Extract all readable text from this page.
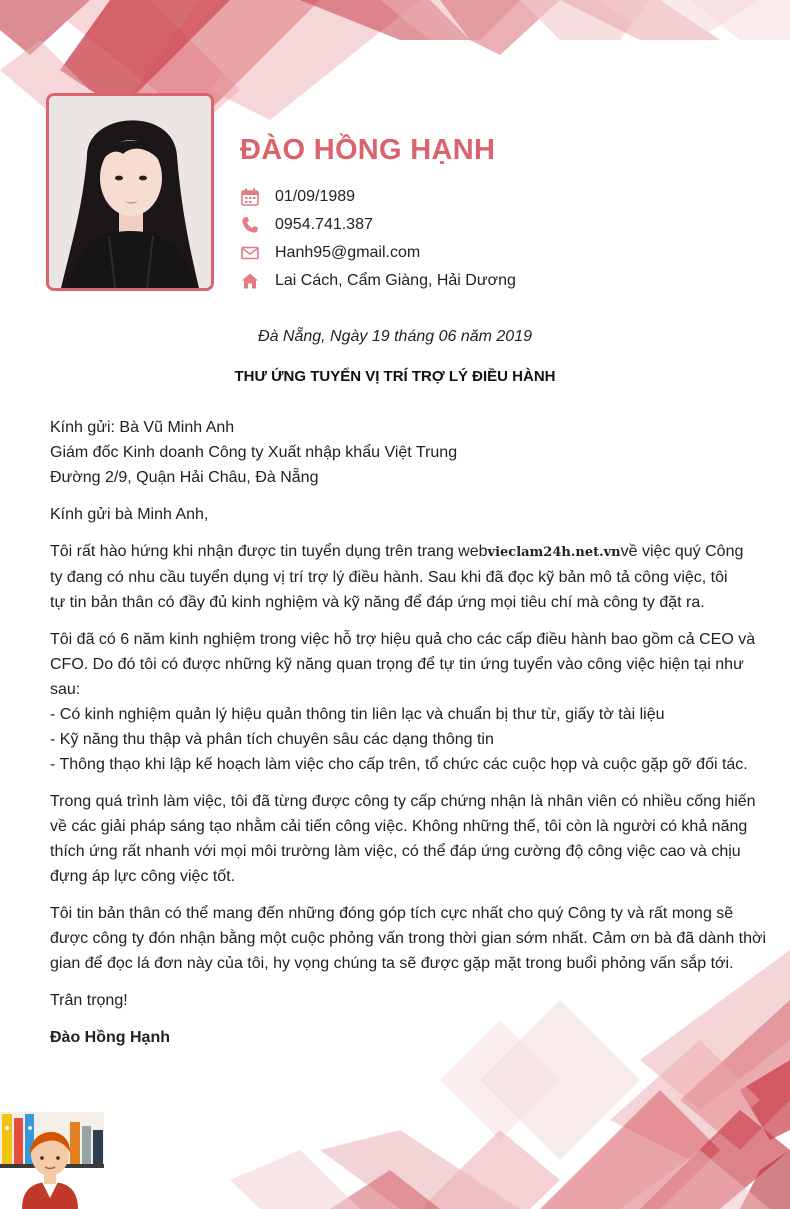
ĐÀO HỒNG HẠNH
01/09/1989
0954.741.387
Hanh95@gmail.com
Lai Cách, Cẩm Giàng, Hải Dương
Đà Nẵng, Ngày 19 tháng 06 năm 2019
THƯ ỨNG TUYỂN VỊ TRÍ TRỢ LÝ ĐIỀU HÀNH

Kính gửi: Bà Vũ Minh Anh
Giám đốc Kinh doanh Công ty Xuất nhập khẩu Việt Trung
Đường 2/9, Quận Hải Châu, Đà Nẵng

Kính gửi bà Minh Anh,

Tôi rất hào hứng khi nhận được tin tuyển dụng trên trang webvieclam24h.net.vnvề việc quý Công
ty đang có nhu cầu tuyển dụng vị trí trợ lý điều hành. Sau khi đã đọc kỹ bản mô tả công việc, tôi
tự tin bản thân có đầy đủ kinh nghiệm và kỹ năng để đáp ứng mọi tiêu chí mà công ty đặt ra.

Tôi đã có 6 năm kinh nghiệm trong việc hỗ trợ hiệu quả cho các cấp điều hành bao gồm cả CEO và
CFO. Do đó tôi có được những kỹ năng quan trọng để tự tin ứng tuyển vào công việc hiện tại như
sau:
- Có kinh nghiệm quản lý hiệu quản thông tin liên lạc và chuẩn bị thư từ, giấy tờ tài liệu
- Kỹ năng thu thập và phân tích chuyên sâu các dạng thông tin
- Thông thạo khi lập kế hoạch làm việc cho cấp trên, tổ chức các cuộc họp và cuộc gặp gỡ đối tác.

Trong quá trình làm việc, tôi đã từng được công ty cấp chứng nhận là nhân viên có nhiều cống hiến
về các giải pháp sáng tạo nhằm cải tiến công việc. Không những thế, tôi còn là người có khả năng
thích ứng rất nhanh với mọi môi trường làm việc, có thể đáp ứng cường độ công việc cao và chịu
đựng áp lực công việc tốt.

Tôi tin bản thân có thể mang đến những đóng góp tích cực nhất cho quý Công ty và rất mong sẽ
được công ty đón nhận bằng một cuộc phỏng vấn trong thời gian sớm nhất. Cảm ơn bà đã dành thời
gian để đọc lá đơn này của tôi, hy vọng chúng ta sẽ được gặp mặt trong buổi phỏng vấn sắp tới.

Trân trọng!

Đào Hồng Hạnh
